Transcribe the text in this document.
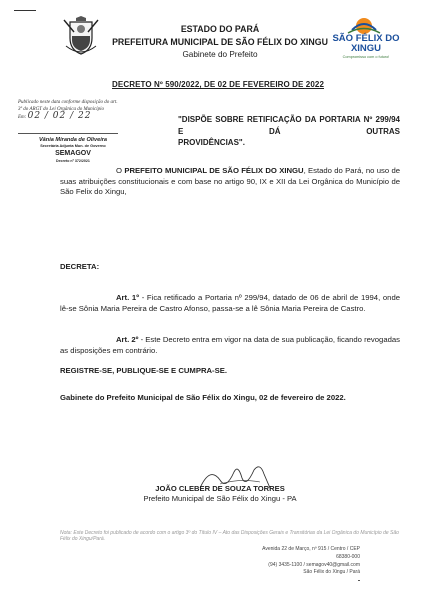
ESTADO DO PARÁ
PREFEITURA MUNICIPAL DE SÃO FÉLIX DO XINGU
Gabinete do Prefeito
SÃO FÉLIX DO XINGU
Compromisso com o futuro!
DECRETO Nº 590/2022, DE 02 DE FEVEREIRO DE 2022
Publicado neste data conforme disposição do art. 3º do ARGT do Lei Orgânica do Município
Em: 02 / 02 / 22
Vânia Miranda de Oliveira
Secretária Adjunta Mun. de Governo
SEMAGOV
Decreto nº 372/2021
"DISPÕE SOBRE RETIFICAÇÃO DA PORTARIA Nº 299/94 E DÁ OUTRAS
PROVIDÊNCIAS".
O PREFEITO MUNICIPAL DE SÃO FÉLIX DO XINGU, Estado do Pará, no uso de suas atribuições constitucionais e com base no artigo 90, IX e XII da Lei Orgânica do Município de São Felix do Xingu,
DECRETA:
Art. 1º - Fica retificado a Portaria nº 299/94, datado de 06 de abril de 1994, onde lê-se Sônia Maria Pereira de Castro Afonso, passa-se a lê Sônia Maria Pereira de Castro.
Art. 2º - Este Decreto entra em vigor na data de sua publicação, ficando revogadas as disposições em contrário.
REGISTRE-SE, PUBLIQUE-SE E CUMPRA-SE.
Gabinete do Prefeito Municipal de São Félix do Xingu, 02 de fevereiro de 2022.
JOÃO CLEBER DE SOUZA TORRES
Prefeito Municipal de São Félix do Xingu - PA
Nota: Este Decreto foi publicado de acordo com o artigo 3º do Título IV – Ato das Disposições Gerais e Transitórias da Lei Orgânica do Município de São Félix do Xingu/Pará.
Avenida 22 de Março, nº 915 / Centro / CEP 68380-000
(94) 3435-1100 / semagov40@gmail.com
São Félix do Xingu / Pará
